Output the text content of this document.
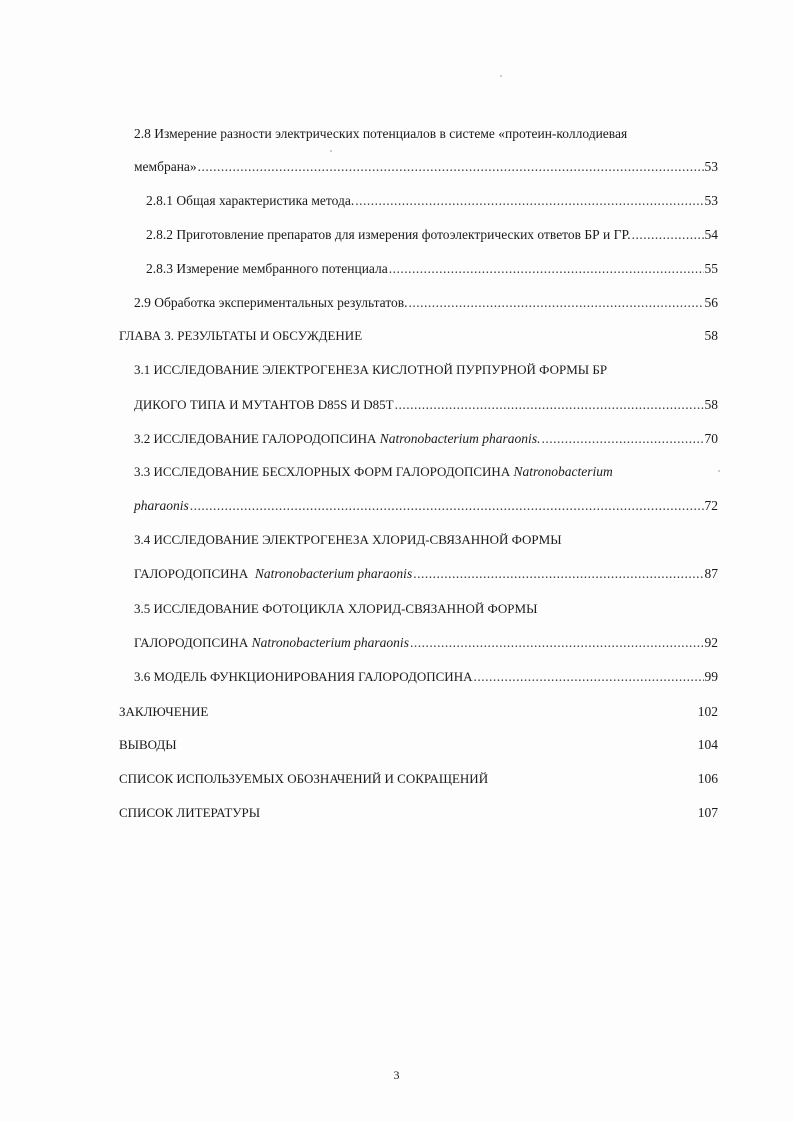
2.8 Измерение разности электрических потенциалов в системе «протеин-коллодиевая
мембрана» .....	53
2.8.1 Общая характеристика метода. .....	53
2.8.2 Приготовление препаратов для измерения фотоэлектрических ответов БР и ГР. .....	54
2.8.3 Измерение мембранного потенциала .....	55
2.9 Обработка экспериментальных результатов. .....	56
ГЛАВА 3. РЕЗУЛЬТАТЫ И ОБСУЖДЕНИЕ	58
3.1 ИССЛЕДОВАНИЕ ЭЛЕКТРОГЕНЕЗА КИСЛОТНОЙ ПУРПУРНОЙ ФОРМЫ БР
ДИКОГО ТИПА И МУТАНТОВ D85S И D85T .....	58
3.2 ИССЛЕДОВАНИЕ ГАЛОРОДОПСИНА Natronobacterium pharaonis. .....	70
3.3 ИССЛЕДОВАНИЕ БЕСХЛОРНЫХ ФОРМ ГАЛОРОДОПСИНА Natronobacterium
pharaonis .....	72
3.4 ИССЛЕДОВАНИЕ ЭЛЕКТРОГЕНЕЗА ХЛОРИД-СВЯЗАННОЙ ФОРМЫ
ГАЛОРОДОПСИНА  Natronobacterium pharaonis .....	87
3.5 ИССЛЕДОВАНИЕ ФОТОЦИКЛА ХЛОРИД-СВЯЗАННОЙ ФОРМЫ
ГАЛОРОДОПСИНА Natronobacterium pharaonis .....	92
3.6 МОДЕЛЬ ФУНКЦИОНИРОВАНИЯ ГАЛОРОДОПСИНА .....	99
ЗАКЛЮЧЕНИЕ	102
ВЫВОДЫ	104
СПИСОК ИСПОЛЬЗУЕМЫХ ОБОЗНАЧЕНИЙ И СОКРАЩЕНИЙ	106
СПИСОК ЛИТЕРАТУРЫ	107
3
